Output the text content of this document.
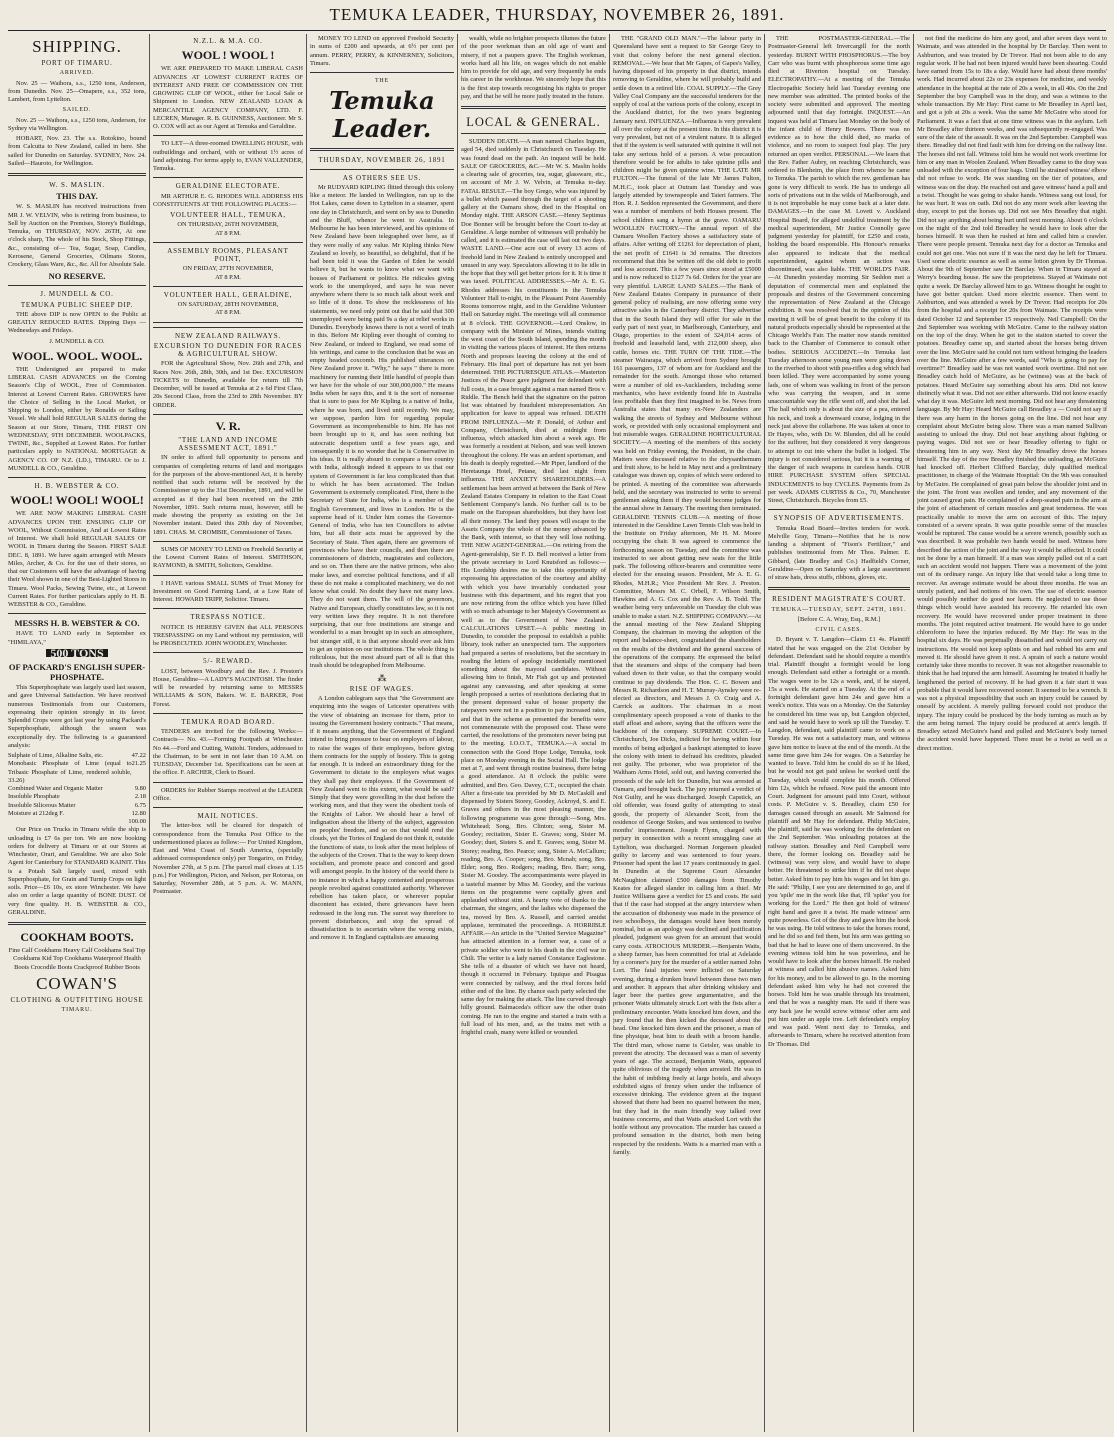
TEMUKA LEADER, THURSDAY, NOVEMBER 26, 1891.
SHIPPING.
PORT OF TIMARU.
ARRIVED.
Nov. 25 — Waihora, s.s., 1250 tons, Anderson, from Dunedin. Nov. 25—Omapere, s.s., 352 tons, Lambert, from Lyttelton.
SAILED.
Nov. 25 — Waihora, s.s., 1250 tons, Anderson, for Sydney via Wellington.
HOBART, Nov. 23. The s.s. Rotokino, bound from Calcutta to New Zealand, called in here. She sailed for Dunedin on Saturday. SYDNEY, Nov. 24. Sailed—Hauroto, for Wellington.
W. S. MASLIN.
THIS DAY.
W. S. MASLIN has received instructions from MR J. W. VELVIN, who is retiring from business, to Sell by Auction on the Premises, Storey's Buildings, Temuka, on THURSDAY, NOV. 26TH, At one o'clock sharp, The whole of his Stock, Shop Fittings, &c., consisting of— Tea, Sugar, Soap, Candles, Kerosene, General Groceries, Oilmans Stores, Crockery, Glass Ware, &c., &c. All for Absolute Sale.
NO RESERVE.
J. MUNDELL & CO.
TEMUKA PUBLIC SHEEP DIP.
THE above DIP is now OPEN to the Public at GREATLY REDUCED RATES. Dipping Days — Wednesdays and Fridays.
J. MUNDELL & CO.
WOOL. WOOL. WOOL.
THE Undersigned are prepared to make LIBERAL CASH ADVANCES on the Coming Season's Clip of WOOL, Free of Commission. Interest at Lowest Current Rates. GROWERS have the Choice of Selling in the Local Market, or Shipping to London, either by Ronalds or Sailing Vessel. We shall hold REGULAR SALES during the Season at our Store, Timaru, THE FIRST ON WEDNESDAY, 9TH DECEMBER. WOOLPACKS, TWINE, &c., Supplied at Lowest Rates. For further particulars apply to NATIONAL MORTGAGE & AGENCY CO. OF N.Z. (LD.), TIMARU. Or to J. MUNDELL & CO., Geraldine.
H. B. WEBSTER & CO.
WOOL! WOOL! WOOL!
WE ARE NOW MAKING LIBERAL CASH ADVANCES UPON THE ENSUING CLIP OF WOOL, Without Commission, And at Lowest Rates of Interest. We shall hold REGULAR SALES OF WOOL in Timaru during the Season. FIRST SALE DEC. 8, 1891. We have again arranged with Messrs Miles, Archer, & Co. for the use of their stores, so that our Customers will have the advantage of having their Wool shown in one of the Best-Lighted Stores in Timaru. Wool Packs, Sewing Twine, etc., at Lowest Current Rates. For further particulars apply to H. B. WEBSTER & CO., Geraldine.
MESSRS H. B. WEBSTER & CO.
HAVE TO LAND early in September ex "HIMILAYA,"
500 TONS
OF PACKARD'S ENGLISH SUPER-PHOSPHATE.
This Superphosphate was largely used last season, and gave Universal Satisfaction. We have received numerous Testimonials from our Customers, expressing their opinion strongly in its favor. Splendid Crops were got last year by using Packard's Superphosphate, although the season was exceptionally dry. The following is a guaranteed analysis:
Sulphate of Lime, Alkaline Salts, etc.	47.22
Monobasic Phosphate of Lime (equal to Tribasic Phosphate of Lime, rendered soluble, 33.26)
21.25
Combined Water and Organic Matter	9.80
Insoluble Phosphate	2.18
Insoluble Siliceous Matter	6.75
Moisture at 212deg F.	12.80
100.00
Our Price on Trucks in Timaru while the ship is unloading is £7 6s per ton. We are now booking orders for delivery at Timaru or at our Stores at Winchester, Orari, and Geraldine. We are also Sole Agent for Canterbury for STANDARD KAINIT. This is a Potash Salt largely used, mixed with Superphosphate, for Grain and Turnip Crops on light soils. Price—£6 10s, ex store Winchester. We have also on order a large quantity of BONE DUST. Of very fine quality. H. B. WEBSTER & CO., GERALDINE.
COOKHAM BOOTS.
Fine Calf Cookhams Heavy Calf Cookhams Seal Top Cookhams Kid Top Cookhams Waterproof Health Boots Crocodile Boots Crackproof Rubber Boots
COWAN'S
CLOTHING & OUTFITTING HOUSE
TIMARU.
N.Z.L. & M.A. CO.
WOOL ! WOOL !
WE ARE PREPARED TO MAKE LIBERAL CASH ADVANCES AT LOWEST CURRENT RATES OF INTEREST AND FREE OF COMMISSION ON THE GROWING CLIP OF WOOL, either for Local Sale or Shipment to London. NEW ZEALAND LOAN & MERCANTILE AGENCY COMPANY, LTD. F. LECREN, Manager. R. B. GUINNESS, Auctioneer. Mr S. O. COX will act as our Agent at Temuka and Geraldine.
TO LET—A three-roomed DWELLING HOUSE, with outbuildings and orchard, with or without 1½ acres of land adjoining. For terms apply to, EVAN VALLENDER, Temuka.
GERALDINE ELECTORATE.
MR ARTHUR E. G. RHODES WILL ADDRESS HIS CONSTITUENTS AT THE FOLLOWING PLACES:—
VOLUNTEER HALL, TEMUKA,
ON THURSDAY, 26TH NOVEMBER,
AT 8 P.M.
ASSEMBLY ROOMS, PLEASANT POINT,
ON FRIDAY, 27TH NOVEMBER,
AT 8 P.M.
VOLUNTEER HALL, GERALDINE,
ON SATURDAY, 28TH NOVEMBER,
AT 8 P.M.
NEW ZEALAND RAILWAYS.
EXCURSION TO DUNEDIN FOR RACES & AGRICULTURAL SHOW.
FOR the Agricultural Show, Nov. 26th and 27th, and Races Nov. 26th, 28th, 30th, and 1st Dec. EXCURSION TICKETS to Dunedin, available for return till 7th December, will be issued at Temuka at 2 s 6d First Class, 20s Second Class, from the 23rd to 28th November. BY ORDER.
V. R.
"THE LAND AND INCOME ASSESSMENT ACT, 1891."
IN order to afford full opportunity to persons and companies of completing returns of land and mortgages for the purposes of the above-mentioned Act, it is hereby notified that such returns will be received by the Commissioner up to the 31st December, 1891, and will be accepted as if they had been received on the 28th November, 1891. Such returns must, however, still be made showing the property as existing on the 1st November instant. Dated this 20th day of November, 1891. CHAS. M. CROMBIE, Commissioner of Taxes.
SUMS OF MONEY TO LEND on Freehold Security at the Lowest Current Rates of Interest. SMITHSON, RAYMOND, & SMITH, Solicitors, Geraldine.
I HAVE various SMALL SUMS of Trust Money for Investment on Good Farming Land, at a Low Rate of Interest. HOWARD TRIPP, Solicitor. Timaru.
TRESPASS NOTICE.
NOTICE IS HEREBY GIVEN that ALL PERSONS TRESPASSING on my Land without my permission, will be PROSECUTED. JOHN WOODLEY, Winchester.
5/- REWARD.
LOST, between Woodbury and the Rev. J. Preston's House, Geraldine—A LADY'S MACINTOSH. The finder will be rewarded by returning same to MESSRS WILLIAMS & SON, Bakers. W. E. BARKER, Post Forest.
TEMUKA ROAD BOARD.
TENDERS are invited for the following Works:— Contracts— No. 43.—Forming Footpath at Winchester. No 44.—Ford and Cutting, Waitohi. Tenders, addressed to the Chairman, to be sent in not later than 10 A.M. on TUESDAY, December 1st. Specifications can be seen at the office. F. ARCHER, Clerk to Board.
ORDERS for Rubber Stamps received at the LEADER Office.
MAIL NOTICES.
The letter-box will be cleared for despatch of correspondence from the Temuka Post Office to the undermentioned places as follow:— For United Kingdom, East and West Coast of South America, (specially addressed correspondence only) per Tongariro, on Friday, November 27th, at 5 p.m. [The parcel mail closes at 1.15 p.m.] For Wellington, Picton, and Nelson, per Rotorua, on Saturday, November 28th, at 5 p.m. A. W. MANN, Postmaster.
MONEY TO LEND on approved Freehold Security in sums of £200 and upwards, at 6½ per cent per annum. PERRY, PERRY, & KINNERNEY, Solicitors, Timaru.
THE
Temuka Leader.
THURSDAY, NOVEMBER 26, 1891
AS OTHERS SEE US.
Mr RUDYARD KIPLING flitted through this colony like a meteor. He landed in Wellington, ran up to the Hot Lakes, came down to Lyttelton in a steamer, spent one day in Christchurch, and went on by sea to Dunedin and the Bluff, whence he went to Australia. In Melbourne he has been interviewed, and his opinions of New Zealand have been telegraphed over here, as if they were really of any value. Mr Kipling thinks New Zealand so lovely, so beautiful, so delightful, that if he had been told it was the Garden of Eden he would believe it, but he wants to know what we want with houses of Parliament or politics. He ridicules giving work to the unemployed, and says he was never anywhere where there is so much talk about work and so little of it done. To show the recklessness of his statements, we need only point out that he said that 300 unemployed were being paid 9s a day at relief works in Dunedin. Everybody knows there is not a word of truth in this. Before Mr Kipling ever thought of coming to New Zealand, or indeed to England, we read some of his writings, and came to the conclusion that he was an empty headed coxcomb. His published utterances on New Zealand prove it. "Why," he says " there is more machinery for running their little handful of people than we have for the whole of our 300,000,000." He means India when he says this, and it is the sort of nonsense that is sure to pass for Mr Kipling is a native of India, where he was born, and lived until recently. We may, we suppose, pardon him for regarding popular Government as incomprehensible to him. He has not been brought up to it, and has seen nothing but autocratic despotism until a few years ago, and consequently it is no wonder that he is Conservative in his ideas. It is really absurd to compare a free country with India, although indeed it appears to us that our system of Government is far less complicated than that to which he has been accustomed. The Indian Government is extremely complicated. First, there is the Secretary of State for India, who is a member of the English Government, and lives in London. He is the supreme head of it. Under him comes the Governor-General of India, who has ten Councillors to advise him, but all their acts must be approved by the Secretary of State. Then again, there are governors of provinces who have their councils, and then there are commissioners of districts, magistrates and collectors, and so on. Then there are the native princes, who also make laws, and exercise political functions, and if all these do not make a complicated machinery, we do not know what could. No doubt they have not many laws. They do not want them. The will of the governors, Native and European, chiefly constitutes law, so it is not very written laws they require. It is not therefore surprising, that our free institutions are strange and wonderful to a man brought up in such an atmosphere, but stranger still, it is that anyone should ever ask him to get an opinion on our institutions. The whole thing is ridiculous, but the most absurd part of all is that this trash should be telegraphed from Melbourne.
⁂
RISE OF WAGES.
A London cablegram says that "the Government are enquiring into the wages of Leicester operatives with the view of obtaining an increase for them, prior to issuing the Government hosiery contracts." That means, if it means anything, that the Government of England intend to bring pressure to bear on employers of labour, to raise the wages of their employees, before giving them contracts for the supply of hosiery. This is going far enough. It is indeed an extraordinary thing for the Government to dictate to the employers what wages they shall pay their employees. If the Government of New Zealand went to this extent, what would be said? Simply that they were grovelling in the dust before the working men, and that they were the obedient tools of the Knights of Labor. We should hear a howl of indignation about the liberty of the subject, aggression on peoples' freedom, and so on that would rend the clouds, yet the Tories of England do not think it, outside the functions of state, to look after the most helpless of the subjects of the Crown. That is the way to keep down socialism, and promote peace and concord and good will amongst people. In the history of the world there is no instance in which a happy contented and prosperous people revolted against constituted authority. Wherever rebellion has taken place, or wherever popular discontent has existed, there grievances have been redressed in the long run. The surest way therefore to prevent disturbances, and stop the spread of dissatisfaction is to ascertain where the wrong exists, and remove it. In England capitalists are amassing
wealth, while no brighter prospects illumes the future of the poor workman than an old age of want and misery, if not a paupers grave. The English workman, works hard all his life, on wages which do not enable him to provide for old age, and very frequently he ends his career in the workhouse. We sincerely hope that this is the first step towards recognising his rights to proper pay, and that he will be more justly treated in the future.
LOCAL & GENERAL.
SUDDEN DEATH.—A man named Charles Ingram, aged 54, died suddenly in Christchurch on Tuesday. He was found dead on the path. An inquest will be held. SALE OF GROCERIES, &C.—Mr W. S. Maslin holds a clearing sale of groceries, tea, sugar, glassware, etc., on account of Mr J. W. Velvin, at Temuka to-day. FATAL RESULT.—The boy Grego, who was injured by a bullet which passed through the target of a shooting gallery at the Oamaru show, died in the Hospital on Monday night. THE ARSON CASE.—Henry Septimus Doe Bonner will be brought before the Court to-day at Geraldine. A large number of witnesses will probably be called, and it is estimated the case will last out two days. WASTE LAND.—One acre out of every 13 acres of freehold land in New Zealand is entirely uncropped and unused in any way. Speculators allowing it to lie idle in the hope that they will get better prices for it. It is time it was taxed. POLITICAL ADDRESSES.—Mr A. E. G. Rhodes addresses his constituents in the Temuka Volunteer Hall to-night, in the Pleasant Point Assembly Rooms tomorrow night, and in the Geraldine Volunteer Hall on Saturday night. The meetings will all commence at 8 o'clock. THE GOVERNOR.—Lord Onslow, in company with the Minister of Mines, intends visiting the west coast of the South Island, spending the month in visiting the various places of interest. He then returns North and proposes leaving the colony at the end of February. His final port of departure has not yet been determined. THE PICTURESQUE ATLAS.—Masterton Justices of the Peace gave judgment for defendant with full costs, in a case brought against a man named Bros v. Riddle. The Bench held that the signature on the patron list was obtained by fraudulent misrepresentation. An application for leave to appeal was refused. DEATH FROM INFLUENZA.—Mr P. Donald, of Arthur and Company, Christchurch, died at midnight from influenza, which attacked him about a week ago. He was formerly a resident at Nelson, and was well known throughout the colony. He was an ardent sportsman, and his death is deeply regretted.—Mr Piper, landlord of the Heretaunga Hotel, Petane, died last night from influenza. THE ANXIETY SHAREHOLDERS.—A settlement has been arrived at between the Bank of New Zealand Estates Company in relation to the East Coast Settlement Company's lands. No further call is to be made on the European shareholders, but they have lost all their money. The land they posses will escape to the Assets Company the whole of the money advanced by the Bank, with interest, so that they will lose nothing. THE NEW AGENT-GENERAL.—On retiring from the Agent-generalship, Sir F. D. Bell received a letter from the private secretary to Lord Knutsford as follows:— His Lordship desires me to take this opportunity of expressing his appreciation of the courtesy and ability with which you have invariably conducted your business with this department, and his regret that you are now retiring from the office which you have filled with so much advantage to her Majesty's Government as well as to the Government of New Zealand. CALCULATIONS UPSET.—A public meeting in Dunedin, to consider the proposal to establish a public library, took rather an unexpected turn. The supporters had prepared a series of resolutions, but the secretary in reading the letters of apology incidentally mentioned something about the mayoral candidates. Without allowing him to finish, Mr Fish got up and protested against any canvassing, and after speaking at some length proposed a series of resolutions declaring that in the present depressed value of house property the ratepayers were not in a position to pay increased rates, and that in the scheme as presented the benefits were not commensurate with the proposed cost. These were carried, the resolutions of the promoters never being put to the meeting. I.O.O.T., TEMUKA.—A social in connection with the Good Hope Lodge, Temuka, took place on Monday evening in the Social Hall. The lodge met at 7, and went through routine business, there being a good attendance. At 8 o'clock the public were admitted, and Bro. Geo. Davey, C.T., occupied the chair. After a first-rate tea provided by Mr D. McCaskill and dispensed by Sisters Storey, Goodey, Ackroyd, S. and E. Graves and others in the most pleasing manner, the following programme was gone through:—Song, Mrs. Whitehead; Song, Bro. Clinton; song, Sister M. Goodey; recitation, Sister E. Graves; song, Sister M. Goodey; duet, Sisters S. and E. Graves; song, Sister M. Storey; reading, Bro. Pearce; song, Sister A. McCallum; reading, Bro. A. Cooper; song, Bro. Mcnab; song, Bro. Elder; song, Bro. Rodgers; reading, Bro. Barr; song, Sister M. Goodey. The accompaniments were played in a tasteful manner by Miss M. Goodey, and the various items on the programme were capitally given and applauded without stint. A hearty vote of thanks to the chairman, the singers, and the ladies who dispensed the tea, moved by Bro. A. Russell, and carried amidst applause, terminated the proceedings. A HORRIBLE AFFAIR.—An article in the "United Service Magazine" has attracted attention in a former war, a case of a private soldier who went to his death in the civil war in Chili. The writer is a lady named Constance Eaglestone. She tells of a disaster of which we have not heard, though it occurred in February. Iquique and Pisagua were connected by railway, and the rival forces held either end of the line. By chance each party selected the same day for making the attack. The line curved through hilly ground. Balmaceda's officer saw the other train coming. He ran to the engine and started a train with a full load of his men, and, as the trains met with a frightful crash, many were killed or wounded.
THE "GRAND OLD MAN."—The labour party in Queensland have sent a request to Sir George Grey to visit that colony before the next general election. REMOVAL.—We hear that Mr Gapes, of Gapes's Valley, having disposed of his property in that district, intends removing to Geraldine, where he will probably build and settle down in a retired life. COAL SUPPLY.—The Grey Valley Coal Company are the successful tenderers for the supply of coal at the various ports of the colony, except in the Auckland district, for the two years beginning January next. INFLUENZA.—Influenza is very prevalent all over the colony at the present time. In this district it is very prevalent, but not of a virulent nature. It is alleged that if the system is well saturated with quinine it will not take any serious hold of a person. A wise precaution therefore would be for adults to take quinine pills and children might be given quinine wine. THE LATE MR FULTON.—The funeral of the late Mr James Fulton, M.H.C., took place at Outram last Tuesday and was largely attended by townspeople and Taieri farmers. The Hon. R. J. Seddon represented the Government, and there was a number of members of both Houses present. The school children sang a hymn at the grave. OAMARU WOOLLEN FACTORY.—The annual report of the Oamaru Woollen Factory shows a satisfactory state of affairs. After writing off £1261 for depreciation of plant, the net profit of £1641 is 3d remains. The directors recommend that this be written off the old debt to profit and loss account. This a few years since stood at £5000 and is now reduced to £127 7s 6d. Orders for the year are very plentiful. LARGE LAND SALES.—The Bank of New Zealand Estates Company in pursuance of their general policy of realising, are now offering some very attractive sales in the Canterbury district. They advertise that in the South Island they will offer for sale in the early part of next year, in Marlborough, Canterbury, and Otago, properties to the extent of 324,014 acres of freehold and leasehold land, with 212,000 sheep, also cattle, horses etc. THE TURN OF THE TIDE.—The steamer Wairarapa, which arrived from Sydney brought 161 passengers, 137 of whom are for Auckland and the remainder for the south. Amongst those who returned were a number of old ex-Aucklanders, including some mechanics, who have evidently found life in Australia less profitable than they first imagined to be. News from Australia states that many ex-New Zealanders are walking the streets of Sydney and Melbourne without work, or provided with only occasional employment and but miserable wages. GERALDINE HORTICULTURAL SOCIETY.—A meeting of the members of this society was held on Friday evening, the President, in the chair. Matters were discussed relative to the chrysanthemum and fruit show, to be held in May next and a preliminary catalogue was drawn up, copies of which were ordered to be printed. A meeting of the committee was afterwards held, and the secretary was instructed to write to several gentlemen asking them if they would become judges for the annual show in January. The meeting then terminated. GERALDINE TENNIS CLUB.—A meeting of those interested in the Geraldine Lawn Tennis Club was held in the Institute on Friday afternoon, Mr H. M. Moore occupying the chair. It was agreed to commence the forthcoming season on Tuesday, and the committee was instructed to see about getting new seats for the little park. The following officer-bearers and committee were elected for the ensuing season. President, Mr A. E. G. Rhodes, M.H.R.; Vice President Mr Rev. J. Preston. Committee, Messrs M. C. Orbell, F. Wilson Smith, Hawkins and A. G. Cox and the Rev. A. B. Todd. The weather being very unfavorable on Tuesday the club was unable to make a start. N.Z. SHIPPING COMPANY.—At the annual meeting of the New Zealand Shipping Company, the chairman in moving the adoption of the report and balance-sheet, congratulated the shareholders on the results of the dividend and the general success of the operations of the company. He expressed the belief that the steamers and ships of the company had been valued down to their value, so that the company would continue to pay dividends. The Hon. C. C. Bowen and Messrs R. Richardson and H. T. Murray-Aynsley were re-elected as directors, and Messrs J. O. Craig and A. Carrick as auditors. The chairman in a most complimentary speech proposed a vote of thanks to the staff afloat and ashore, saying that the officers were the backbone of the company. SUPREME COURT.—In Christchurch, Joe Dicks, indicted for having within four months of being adjudged a bankrupt attempted to leave the colony with intent to defraud his creditors, pleaded not guilty. The prisoner, who was proprietor of the Waltham Arms Hotel, sold out, and having converted the proceeds of the sale left for Dunedin, but was arrested at Oamaru, and brought back. The jury returned a verdict of Not Guilty, and he was discharged. Joseph Capstick, an old offender, was found guilty of attempting to steal goods, the property of Alexander Scott, from the residence of George Stokes, and was sentenced to twelve months' imprisonment. Joseph Flynn, charged with perjury in connection with a recent smuggling case at Lyttelton, was discharged. Norman Jorgensen pleaded guilty to larceny and was sentenced to four years. Prisoner had spent the last 17 years continuously in gaol. In Dunedin at the Supreme Court Alexander McNaughton claimed £500 damages from Timothy Keates for alleged slander in calling him a thief. Mr Justice Williams gave a verdict for £5 and costs. He said that if the case had stopped at the angry interview when the accusation of dishonesty was made in the presence of two schoolboys, the damages would have been merely nominal, but as an apology was declined and justification pleaded, judgment was given for an amount that would carry costs. ATROCIOUS MURDER.—Benjamin Watts, a sheep farmer, has been committed for trial at Adelaide by a coroner's jury for the murder of a settler named John Lort. The fatal injuries were inflicted on Saturday evening, during a drunken brawl between these two men and another. It appears that after drinking whiskey and lager beer the parties grew argumentative, and the prisoner Watts ultimately struck Lort with the fists after a preliminary encounter. Watts knocked him down, and the jury found that he then kicked the deceased about the head. One knocked him down and the prisoner, a man of fine physique, beat him to death with a broom handle. The third man, whose name is Geisler, was unable to prevent the atrocity. The deceased was a man of seventy years of age. The accused, Benjamin Watts, appeared quite oblivious of the tragedy when arrested. He was in the habit of imbibing freely at large hotels, and always exhibited signs of frenzy when under the influence of excessive drinking. The evidence given at the inquest showed that there had been no quarrel between the men, but they had in the main friendly way talked over business concerns, and that Watts attacked Lort with the bottle without any provocation. The murder has caused a profound sensation in the district, both men being respected by the residents. Watts is a married man with a family.
THE POSTMASTER-GENERAL.—The Postmaster-General left Invercargill for the north yesterday. BURNT WITH PHOSPHORUS.—The boy Carr who was burnt with phosphorous some time ago died at Riverton hospital on Tuesday. ELECTROPATHY.—At a meeting of the Temuka Electropathic Society held last Tuesday evening one new member was admitted. The printed books of the society were submitted and approved. The meeting adjourned until that day fortnight. INQUEST.—An inquest was held at Timaru last Monday on the body of the infant child of Henry Bowers. There was no evidence as to how the child died, no marks of violence, and no room to suspect foul play. The jury returned an open verdict. PERSONAL.—We learn that the Rev. Father Aubry, on reaching Christchurch, was ordered to Blenheim, the place from whence he came to Temuka. The parish to which the rev. gentleman has gone is very difficult to work. He has to undergo all sorts of privations out in the wilds of Marlborough, and it is not improbable he may come back at a later date. DAMAGES.—In the case M. Lovett v. Auckland Hospital Board, for alleged unskilful treatment by the medical superintendent, Mr Justice Connolly gave judgment yesterday for plaintiff, for £250 and costs, holding the board responsible. His Honour's remarks also appeared to indicate that the medical superintendent, against whom an action was discontinued, was also liable. THE WORLD'S FAIR.—At Dunedin yesterday morning Sir Seddon met a deputation of commercial men and explained the proposals and desires of the Government concerning the representation of New Zealand at the Chicago exhibition. It was resolved that in the opinion of this meeting it will be of great benefit to the colony if its natural products especially should be represented at the Chicago World's Fair. The matter now stands remitted back to the Chamber of Commerce to consult other bodies. SERIOUS ACCIDENT.—In Temuka last Tuesday afternoon some young men were going down to the riverbed to shoot with pea-rifles a dog which had been killed. They were accompanied by some young lads, one of whom was walking in front of the person who was carrying the weapon, and in some unaccountable way the rifle went off, and shot the lad. The ball which only is about the size of a pea, entered his neck, and took a downward course, lodging in the neck just above the collarbone. He was taken at once to Dr Hayes, who, with Dr. W. Blunden, did all he could for the sufferer, but they considered it very dangerous to attempt to cut into where the bullet is lodged. The injury is not considered serious, but it is a warning of the danger of such weapons in careless hands. OUR HIRE PURCHASE SYSTEM offers SPECIAL INDUCEMENTS to buy CYCLES. Payments from 2s per week. ADAMS CURTISS & Co., 70, Manchester Street, Christchurch. Bicycles from £5.
SYNOPSIS OF ADVERTISEMENTS.
Temuka Road Board—Invites tenders for work. Melville Gray, Timaru—Notifies that he is now landing a shipment of "Fison's Fertilizer," and publishes testimonial from Mr Thos. Palmer. E. Gibbard, (late Bradley and Co.) Hadfield's Corner, Geraldine—Open on Saturday with a large assortment of straw hats, dress stuffs, ribbons, gloves, etc.
RESIDENT MAGISTRATE'S COURT.
TEMUKA—TUESDAY, SEPT. 24TH, 1891.
[Before C. A. Wray, Esq., R.M.]
CIVIL CASES.
D. Bryant v. T. Langdon—Claim £1 4s. Plaintiff stated that he was engaged on the 21st October by defendant. Defendant said he should require a month's trial. Plaintiff thought a fortnight would be long enough. Defendant said either a fortnight or a month. The wages were to be 12s a week, and, if he stayed, 15s a week. He started on a Tuesday. At the end of a fortnight defendant gave him 24s and gave him a week's notice. This was on a Monday. On the Saturday he considered his time was up, but Langdon objected, and said he would have to work up till the Tuesday. T. Langdon, defendant, said plaintiff came to work on a Tuesday. He was not a satisfactory man, and witness gave him notice to leave at the end of the month. At the same time gave him 24s for wages. On a Saturday he wanted to leave. Told him he could do so if he liked, but he would not get paid unless he worked until the Tuesday, which would complete his month. Offered him 12s, which he refused. Now paid the amount into Court. Judgment for amount paid into Court, without costs. P. McGuire v. S. Breadley, claim £50 for damages caused through an assault. Mr Salmond for plaintiff and Mr Hay for defendant. Philip McGuire, the plaintiff, said he was working for the defendant on the 2nd September. Was unloading potatoes at the railway station. Breadley and Neil Campbell were there, the former looking on. Breadley said he (witness) was very slow, and would have to shape better. He threatened to strike him if he did not shape better. Asked him to pay him his wages and let him go. He said: "Philip, I see you are determined to go, and if you 'spile' me in the work like that, I'll 'spike' you for working for the Lord." He then got hold of witness' right hand and gave it a twist. He made witness' arm quite powerless. Got of the dray and gave him the hook he was using. He told witness to take the horses round, and he did so and fed them, but his arm was getting so bad that he had to leave one of them uncovered. In the evening witness told him he was powerless, and he would have to look after the horses himself. He rushed at witness and called him abusive names. Asked him for his money, and to be allowed to go. In the morning defendant asked him why he had not covered the horses. Told him he was unable through his treatment, and that he was a naughty man. He said if there was any back jaw he would screw witness' other arm and put him under an apple tree. Left defendant's employ and was paid. Went next day to Temuka, and afterwards to Timaru, where he received attention from Dr Thomas. Did
not find the medicine do him any good, and after seven days went to Waimate, and was attended in the hospital by Dr Barclay. Then went to Ashburton, and was treated by Dr Trevor. Had not been able to do any regular work. If he had not been injured would have been shearing. Could have earned from 15s to 18s a day. Would have had about three months' work. Had incurred about 22s or 23s expenses for medicine, and weekly attendance in the hospital at the rate of 20s a week, in all 40s. On the 2nd September the boy Campbell was in the dray, and was a witness to the whole transaction. By Mr Hay: First came to Mr Breadley in April last, and got a job at 20s a week. Was the same Mr McGuire who stood for Parliament. It was a fact that at one time witness was in the asylum. Left Mr Breadley after thirteen weeks, and was subsequently re-engaged. Was sure of the date of the assault. It was on the 2nd September. Campbell was there. Breadley did not find fault with him for driving on the railway line. The horses did not fall. Witness told him he would not work overtime for him or any man in Woolen Zealand. When Breadley came to the dray was unloaded with the exception of four bags. Until he strained witness' elbow did not refuse to work. He was standing on the tier of potatoes, and witness was on the dray. He reached out and gave witness' hand a pull and a twist. Thought he was going to shake hands. Witness sang out loud, for he was hurt. It was on oath. Did not do any more work after leaving the dray, except to put the horses up. Did not see Mrs Breadley that night. Did not say anything about being hurt until next morning. About 6 o'clock on the night of the 2nd told Breadley he would have to look after the horses himself. It was then he rushed at him and called him a crawler. There were people present. Temuka next day for a doctor as Temuka and could not get one. Was not sure if it was the next day he left for Timaru. Used some electric essence as well as some lotion given by Dr Thomas. About the 9th of September saw Dr Barclay. When in Timaru stayed at Werry's boarding house. He saw the proprietress. Stayed at Waimate not quite a week. Dr Barclay allowed him to go. Witness thought he ought to have got better quicker. Used more electric essence. Then went to Ashburton, and was attended a week by Dr Trevor. Had receipts for 20s from the hospital and a receipt for 20s from Waimate. The receipts were dated October 12 and September 15 respectively. Neil Campbell: On the 2nd September was working with McGuire. Came to the railway station on the top of the dray. When he got to the station started to cover the potatoes. Breadley came up, and started about the horses being driven over the line. McGuire said he could not turn without bringing the leaders over the line. McGuire after a few words, said "Who is going to pay for overtime?" Breadley said he was not wanted work overtime. Did not see Breadley catch hold of McGuire, as he (witness) was at the back of potatoes. Heard McGuire say something about his arm. Did not know distinctly what it was. Did not see either afterwards. Did not know exactly what day it was. McGuire left next morning. Did not hear any threatening language. By Mr Hay: Heard McGuire call Breadley a — Could not say if there was any harm in the horses going on the line. Did not hear any complaint about McGuire being slow. There was a man named Sullivan assisting to unload the dray. Did not hear anything about fighting or paying wages. Did not see or hear Breadley offering to fight or threatening him in any way. Next day Mr Breadley drove the horses himself. The day of the row Breadley finished the unloading, as McGuire had knocked off. Herbert Clifford Barclay, duly qualified medical practitioner, in charge of the Waimate Hospital: On the 9th was consulted by McGuire. He complained of great pain below the shoulder joint and in the joint. The front was swollen and tender, and any movement of the joint caused great pain. He complained of a deep-seated pain in the arm at the joint of attachment of certain muscles and great tenderness. He was practically unable to move the arm on account of this. The injury consisted of a severe sprain. It was quite possible some of the muscles would be ruptured. The cause would be a severe wrench, possibly such as was described. It was probable two hands would be used. Witness here described the action of the joint and the way it would be affected. It could not be done by a man himself. If a man was simply pulled out of a cart such an accident would not happen. There was a movement of the joint out of its ordinary range. An injury like that would take a long time to recover. An average estimate would be about three months. He was an unruly patient, and had notions of his own. The use of electric essence would possibly neither do good nor harm. He neglected to use those things which would have assisted his recovery. He retarded his own recovery. He would have recovered under proper treatment in three months. The joint required active treatment. He would have to go under chloroform to have the injuries reduced. By Mr Hay: He was in the hospital six days. He was perpetually dissatisfied and would not carry out instructions. He would not keep splints on and had rubbed his arm and moved it. He should have given it rest. A sprain of such a nature would certainly take three months to recover. It was not altogether reasonable to think that he had injured the arm himself. Assuming he treated it badly he lengthened the period of recovery. If he had given it a fair start it was probable that it would have recovered sooner. It seemed to be a wrench. It was not a physical impossibility that such an injury could be caused by oneself by accident. A merely pulling forward could not produce the injury. The injury could be produced by the body turning as much as by the arm being turned. The injury could be produced at arm's length. If Breadley seized McGuire's hand and pulled and McGuire's body turned the accident would have happened. There must be a twist as well as a direct motion.
